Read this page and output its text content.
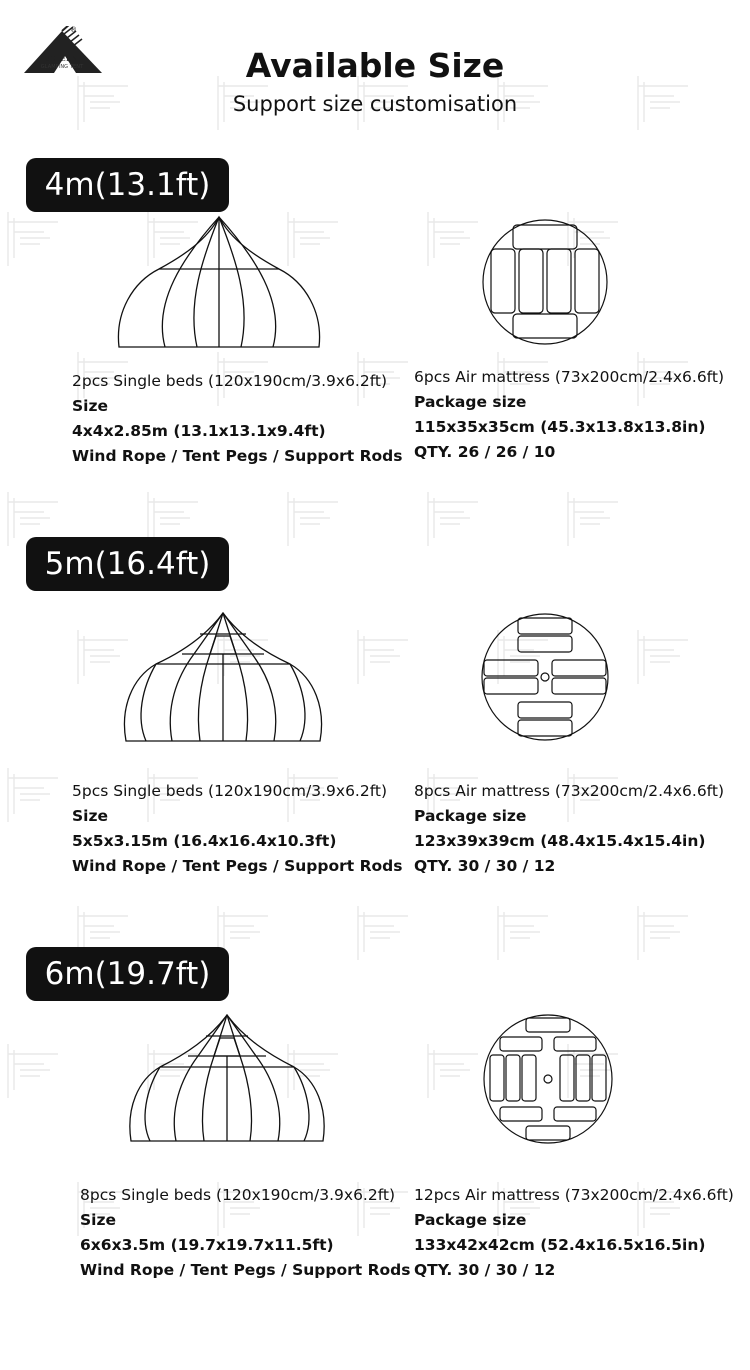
BOTEEN
GLAMPING TENT
®
Available Size
Support size customisation
4m(13.1ft)
2pcs Single beds (120x190cm/3.9x6.2ft)
Size
4x4x2.85m (13.1x13.1x9.4ft)
Wind Rope / Tent Pegs / Support Rods
6pcs Air mattress (73x200cm/2.4x6.6ft)
Package size
115x35x35cm (45.3x13.8x13.8in)
QTY. 26 / 26 / 10
5m(16.4ft)
5pcs Single beds (120x190cm/3.9x6.2ft)
Size
5x5x3.15m (16.4x16.4x10.3ft)
Wind Rope / Tent Pegs / Support Rods
8pcs Air mattress (73x200cm/2.4x6.6ft)
Package size
123x39x39cm (48.4x15.4x15.4in)
QTY. 30 / 30 / 12
6m(19.7ft)
8pcs Single beds (120x190cm/3.9x6.2ft)
Size
6x6x3.5m (19.7x19.7x11.5ft)
Wind Rope / Tent Pegs / Support Rods
12pcs Air mattress (73x200cm/2.4x6.6ft)
Package size
133x42x42cm (52.4x16.5x16.5in)
QTY. 30 / 30 / 12
